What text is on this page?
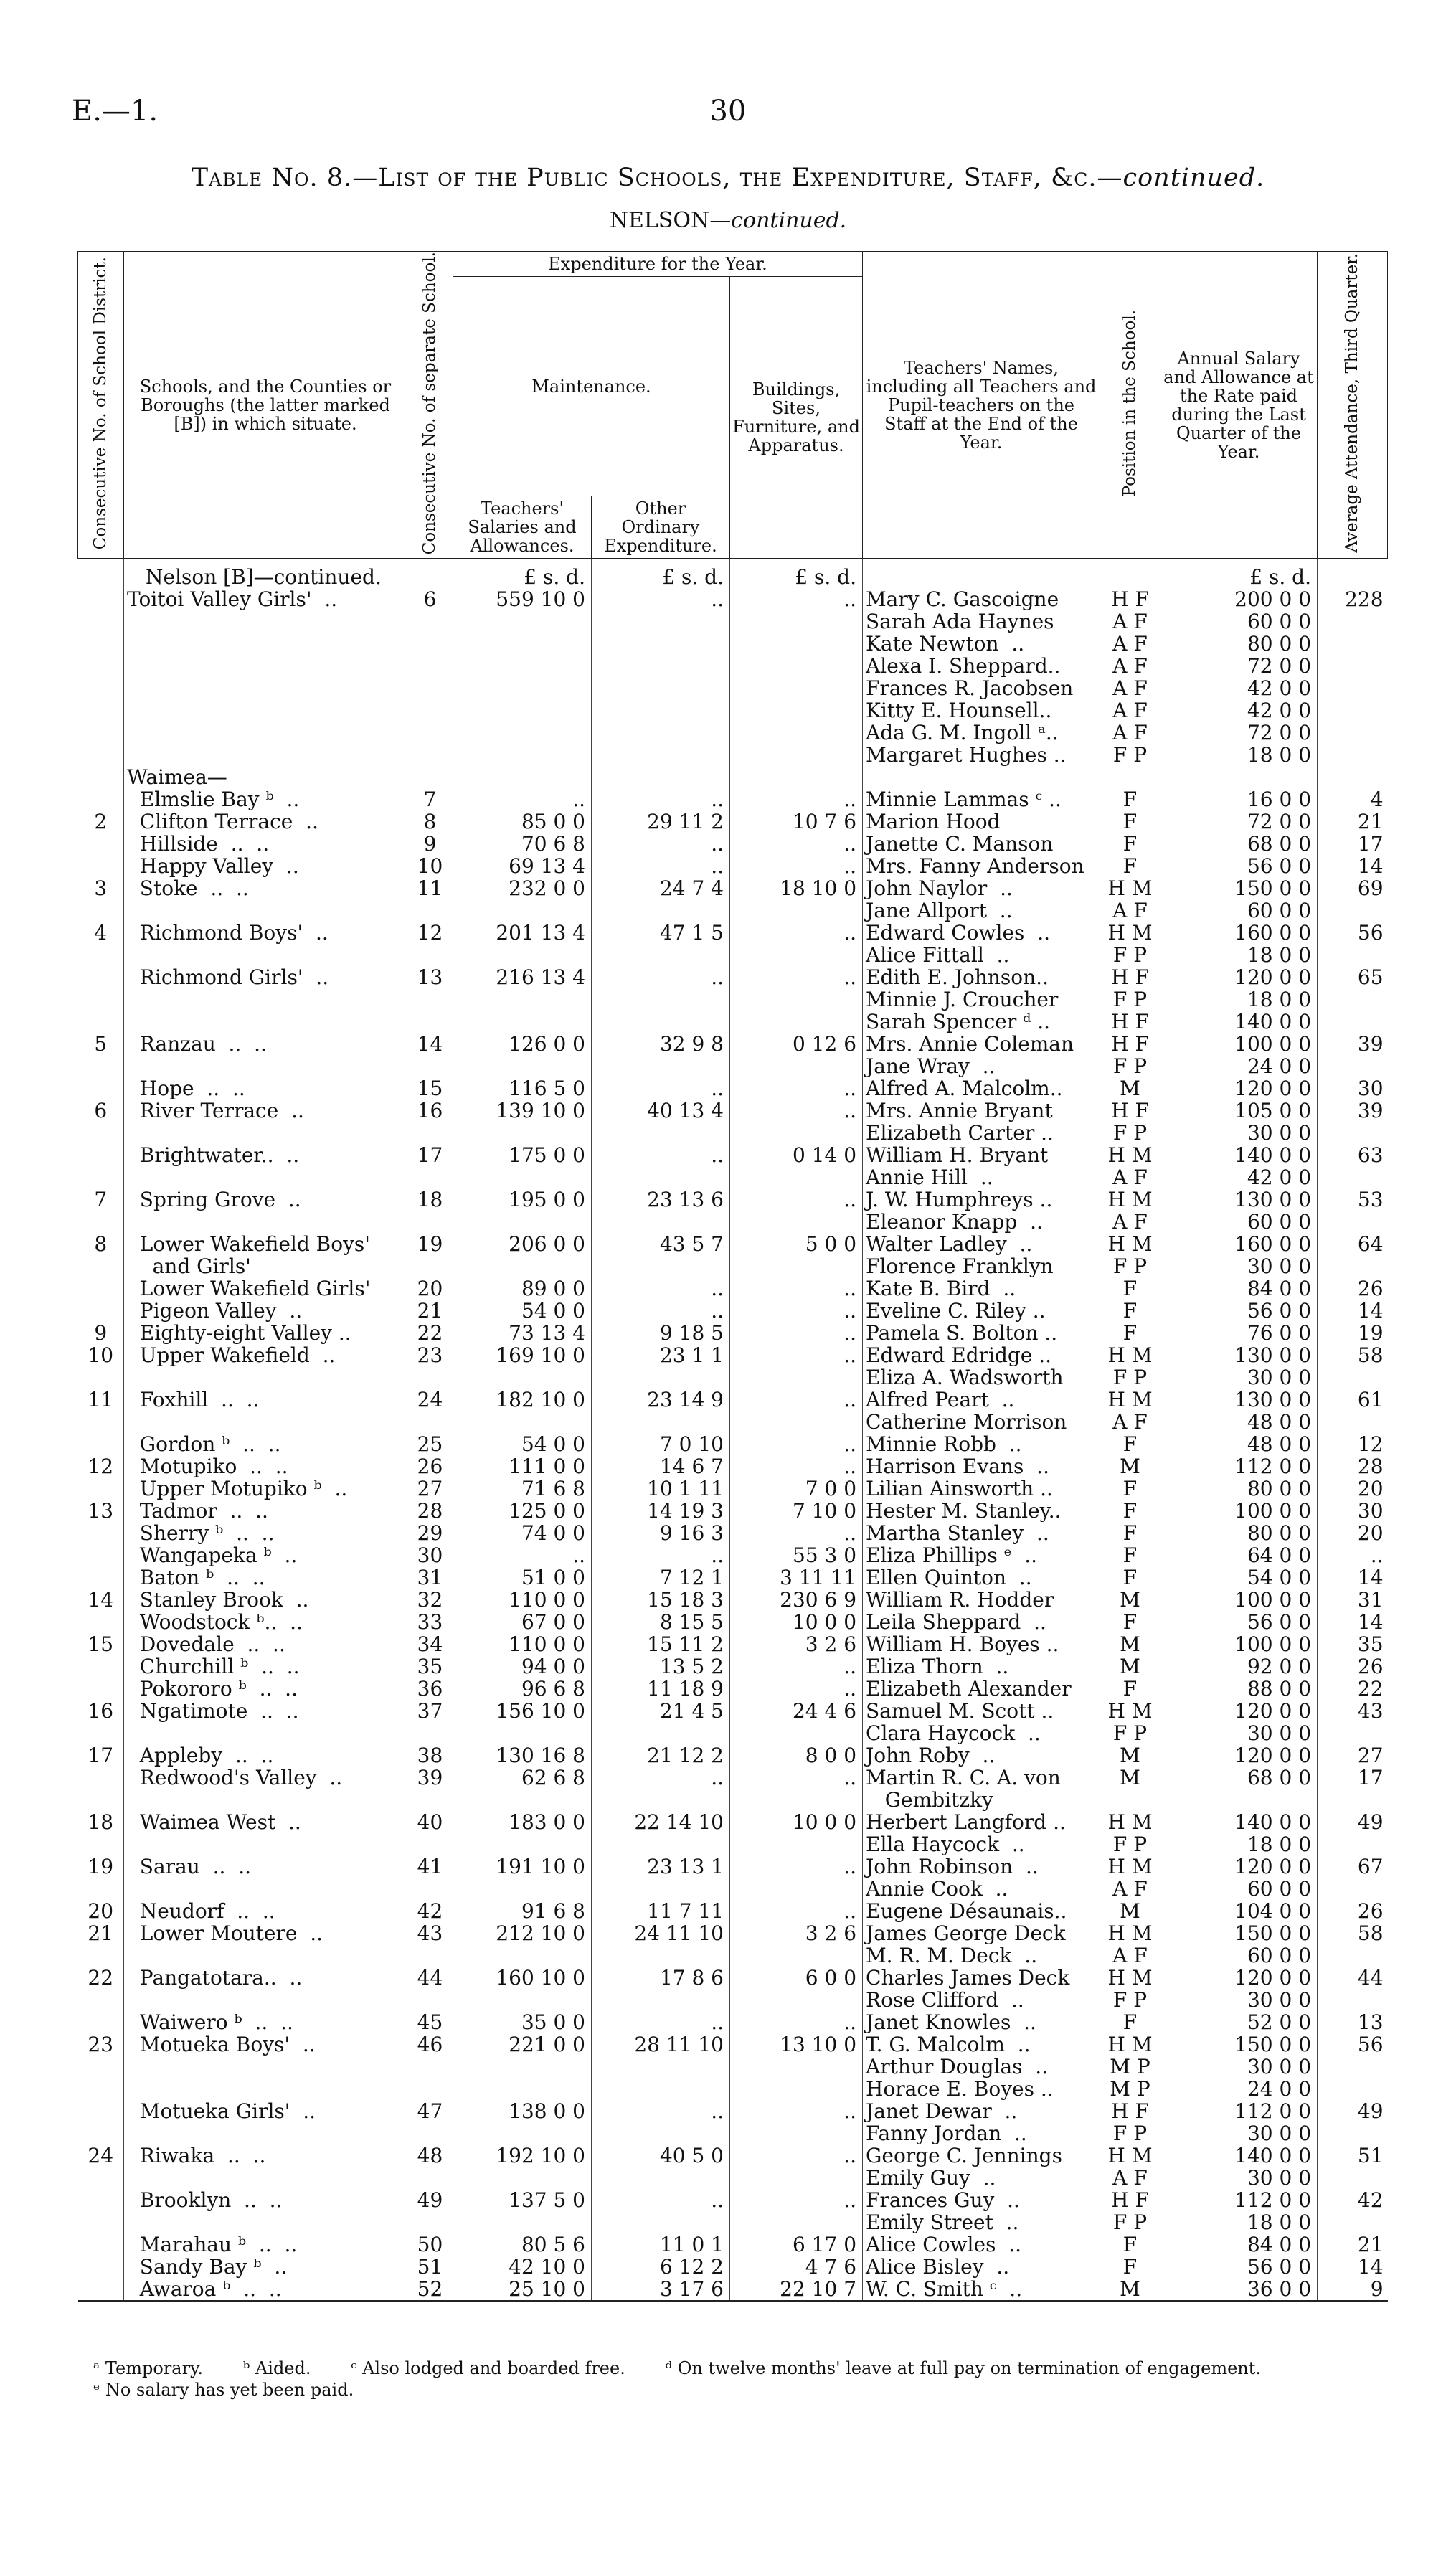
E.—1.	30
Table No. 8.—List of the Public Schools, the Expenditure, Staff, &c.—continued.
NELSON—continued.
Consecutive No. of School District.	Schools, and the Counties or Boroughs (the latter marked [B]) in which situate.	Consecutive No. of separate School.	Expenditure for the Year.			Teachers' Names, including all Teachers and Pupil-teachers on the Staff at the End of the Year.	Position in the School.	Annual Salary and Allowance at the Rate paid during the Last Quarter of the Year.	Average Attendance, Third Quarter.
			Maintenance.		Buildings, Sites, Furniture, and Apparatus.				
			Teachers' Salaries and Allowances.	Other Ordinary Expenditure.					
	Nelson [B]—continued.		£ s. d.	£ s. d.	£ s. d.			£ s. d.	
	Toitoi Valley Girls'  ..	6	559 10 0	..	..	Mary C. Gascoigne	H F	200 0 0	228
						Sarah Ada Haynes	A F	60 0 0	
						Kate Newton  ..	A F	80 0 0	
						Alexa I. Sheppard..	A F	72 0 0	
						Frances R. Jacobsen	A F	42 0 0	
						Kitty E. Hounsell..	A F	42 0 0	
						Ada G. M. Ingoll ᵃ..	A F	72 0 0	
						Margaret Hughes ..	F P	18 0 0	
	Waimea—								
	Elmslie Bay ᵇ  ..	7	..	..	..	Minnie Lammas ᶜ ..	F	16 0 0	4
2	Clifton Terrace  ..	8	85 0 0	29 11 2	10 7 6	Marion Hood	F	72 0 0	21
	Hillside  ..  ..	9	70 6 8	..	..	Janette C. Manson	F	68 0 0	17
	Happy Valley  ..	10	69 13 4	..	..	Mrs. Fanny Anderson	F	56 0 0	14
3	Stoke  ..  ..	11	232 0 0	24 7 4	18 10 0	John Naylor  ..	H M	150 0 0	69
						Jane Allport  ..	A F	60 0 0	
4	Richmond Boys'  ..	12	201 13 4	47 1 5	..	Edward Cowles  ..	H M	160 0 0	56
						Alice Fittall  ..	F P	18 0 0	
	Richmond Girls'  ..	13	216 13 4	..	..	Edith E. Johnson..	H F	120 0 0	65
						Minnie J. Croucher	F P	18 0 0	
						Sarah Spencer ᵈ ..	H F	140 0 0	
5	Ranzau  ..  ..	14	126 0 0	32 9 8	0 12 6	Mrs. Annie Coleman	H F	100 0 0	39
						Jane Wray  ..	F P	24 0 0	
	Hope  ..  ..	15	116 5 0	..	..	Alfred A. Malcolm..	M	120 0 0	30
6	River Terrace  ..	16	139 10 0	40 13 4	..	Mrs. Annie Bryant	H F	105 0 0	39
						Elizabeth Carter ..	F P	30 0 0	
	Brightwater..  ..	17	175 0 0	..	0 14 0	William H. Bryant	H M	140 0 0	63
						Annie Hill  ..	A F	42 0 0	
7	Spring Grove  ..	18	195 0 0	23 13 6	..	J. W. Humphreys ..	H M	130 0 0	53
						Eleanor Knapp  ..	A F	60 0 0	
8	Lower Wakefield Boys'	19	206 0 0	43 5 7	5 0 0	Walter Ladley  ..	H M	160 0 0	64
	and Girls'					Florence Franklyn	F P	30 0 0	
	Lower Wakefield Girls'	20	89 0 0	..	..	Kate B. Bird  ..	F	84 0 0	26
	Pigeon Valley  ..	21	54 0 0	..	..	Eveline C. Riley ..	F	56 0 0	14
9	Eighty-eight Valley ..	22	73 13 4	9 18 5	..	Pamela S. Bolton ..	F	76 0 0	19
10	Upper Wakefield  ..	23	169 10 0	23 1 1	..	Edward Edridge ..	H M	130 0 0	58
						Eliza A. Wadsworth	F P	30 0 0	
11	Foxhill  ..  ..	24	182 10 0	23 14 9	..	Alfred Peart  ..	H M	130 0 0	61
						Catherine Morrison	A F	48 0 0	
	Gordon ᵇ  ..  ..	25	54 0 0	7 0 10	..	Minnie Robb  ..	F	48 0 0	12
12	Motupiko  ..  ..	26	111 0 0	14 6 7	..	Harrison Evans  ..	M	112 0 0	28
	Upper Motupiko ᵇ  ..	27	71 6 8	10 1 11	7 0 0	Lilian Ainsworth ..	F	80 0 0	20
13	Tadmor  ..  ..	28	125 0 0	14 19 3	7 10 0	Hester M. Stanley..	F	100 0 0	30
	Sherry ᵇ  ..  ..	29	74 0 0	9 16 3	..	Martha Stanley  ..	F	80 0 0	20
	Wangapeka ᵇ  ..	30	..	..	55 3 0	Eliza Phillips ᵉ  ..	F	64 0 0	..
	Baton ᵇ  ..  ..	31	51 0 0	7 12 1	3 11 11	Ellen Quinton  ..	F	54 0 0	14
14	Stanley Brook  ..	32	110 0 0	15 18 3	230 6 9	William R. Hodder	M	100 0 0	31
	Woodstock ᵇ..  ..	33	67 0 0	8 15 5	10 0 0	Leila Sheppard  ..	F	56 0 0	14
15	Dovedale  ..  ..	34	110 0 0	15 11 2	3 2 6	William H. Boyes ..	M	100 0 0	35
	Churchill ᵇ  ..  ..	35	94 0 0	13 5 2	..	Eliza Thorn  ..	M	92 0 0	26
	Pokororo ᵇ  ..  ..	36	96 6 8	11 18 9	..	Elizabeth Alexander	F	88 0 0	22
16	Ngatimote  ..  ..	37	156 10 0	21 4 5	24 4 6	Samuel M. Scott ..	H M	120 0 0	43
						Clara Haycock  ..	F P	30 0 0	
17	Appleby  ..  ..	38	130 16 8	21 12 2	8 0 0	John Roby  ..	M	120 0 0	27
	Redwood's Valley  ..	39	62 6 8	..	..	Martin R. C. A. von	M	68 0 0	17
						Gembitzky			
18	Waimea West  ..	40	183 0 0	22 14 10	10 0 0	Herbert Langford ..	H M	140 0 0	49
						Ella Haycock  ..	F P	18 0 0	
19	Sarau  ..  ..	41	191 10 0	23 13 1	..	John Robinson  ..	H M	120 0 0	67
						Annie Cook  ..	A F	60 0 0	
20	Neudorf  ..  ..	42	91 6 8	11 7 11	..	Eugene Désaunais..	M	104 0 0	26
21	Lower Moutere  ..	43	212 10 0	24 11 10	3 2 6	James George Deck	H M	150 0 0	58
						M. R. M. Deck  ..	A F	60 0 0	
22	Pangatotara..  ..	44	160 10 0	17 8 6	6 0 0	Charles James Deck	H M	120 0 0	44
						Rose Clifford  ..	F P	30 0 0	
	Waiwero ᵇ  ..  ..	45	35 0 0	..	..	Janet Knowles  ..	F	52 0 0	13
23	Motueka Boys'  ..	46	221 0 0	28 11 10	13 10 0	T. G. Malcolm  ..	H M	150 0 0	56
						Arthur Douglas  ..	M P	30 0 0	
						Horace E. Boyes ..	M P	24 0 0	
	Motueka Girls'  ..	47	138 0 0	..	..	Janet Dewar  ..	H F	112 0 0	49
						Fanny Jordan  ..	F P	30 0 0	
24	Riwaka  ..  ..	48	192 10 0	40 5 0	..	George C. Jennings	H M	140 0 0	51
						Emily Guy  ..	A F	30 0 0	
	Brooklyn  ..  ..	49	137 5 0	..	..	Frances Guy  ..	H F	112 0 0	42
						Emily Street  ..	F P	18 0 0	
	Marahau ᵇ  ..  ..	50	80 5 6	11 0 1	6 17 0	Alice Cowles  ..	F	84 0 0	21
	Sandy Bay ᵇ  ..	51	42 10 0	6 12 2	4 7 6	Alice Bisley  ..	F	56 0 0	14
	Awaroa ᵇ  ..  ..	52	25 10 0	3 17 6	22 10 7	W. C. Smith ᶜ  ..	M	36 0 0	9
ᵃ Temporary. ᵇ Aided. ᶜ Also lodged and boarded free. ᵈ On twelve months' leave at full pay on termination of engagement.
ᵉ No salary has yet been paid.
